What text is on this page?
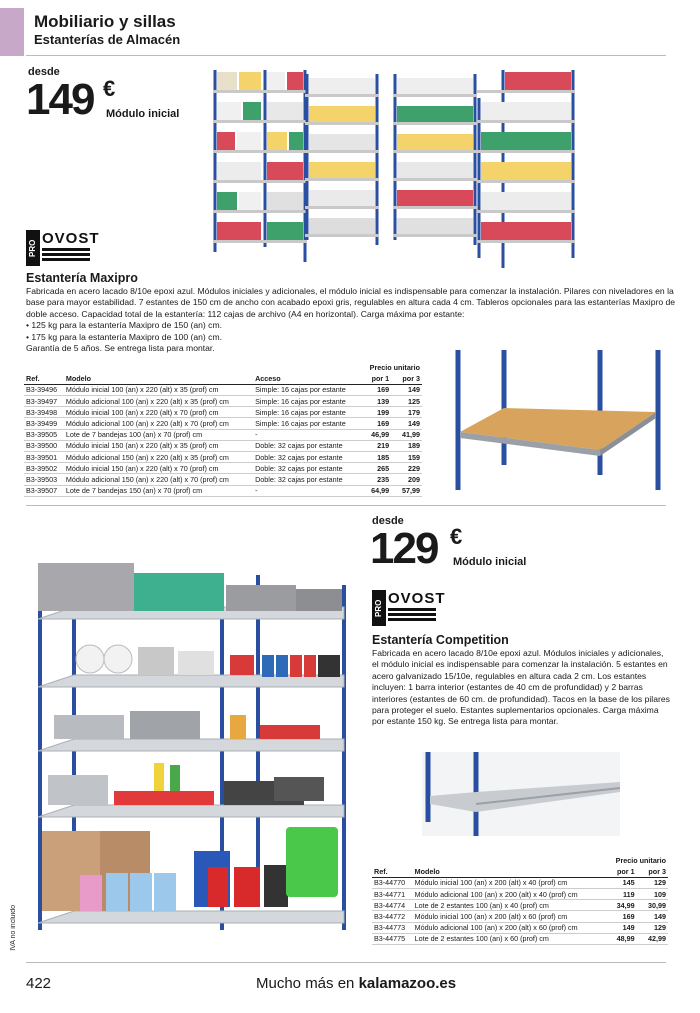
Mobiliario y sillas
Estanterías de Almacén
desde
149 €
Módulo inicial
PRO
OVOST
Estantería Maxipro
Fabricada en acero lacado 8/10e epoxi azul. Módulos iniciales y adicionales, el módulo inicial es indispensable para comenzar la instalación. Pilares con niveladores en la base para mayor estabilidad. 7 estantes de 150 cm de ancho con acabado epoxi gris, regulables en altura cada 4 cm. Tableros opcionales para las estanterías Maxipro de doble acceso. Capacidad total de la estantería: 112 cajas de archivo (A4 en horizontal). Carga máxima por estante:
• 125 kg para la estantería Maxipro de 150 (an) cm.
• 175 kg para la estantería Maxipro de 100 (an) cm.
Garantía de 5 años. Se entrega lista para montar.
			Precio unitario	
Ref.	Modelo	Acceso	por 1	por 3
B3-39496	Módulo inicial 100 (an) x 220 (alt) x 35 (prof) cm	Simple: 16 cajas por estante	169	149
B3-39497	Módulo adicional 100 (an) x 220 (alt) x 35 (prof) cm	Simple: 16 cajas por estante	139	125
B3-39498	Módulo inicial 100 (an) x 220 (alt) x 70 (prof) cm	Simple: 16 cajas por estante	199	179
B3-39499	Módulo adicional 100 (an) x 220 (alt) x 70 (prof) cm	Simple: 16 cajas por estante	169	149
B3-39505	Lote de 7 bandejas 100 (an) x 70 (prof) cm	-	46,99	41,99
B3-39500	Módulo inicial 150 (an) x 220 (alt) x 35 (prof) cm	Doble: 32 cajas por estante	219	189
B3-39501	Módulo adicional 150 (an) x 220 (alt) x 35 (prof) cm	Doble: 32 cajas por estante	185	159
B3-39502	Módulo inicial 150 (an) x 220 (alt) x 70 (prof) cm	Doble: 32 cajas por estante	265	229
B3-39503	Módulo adicional 150 (an) x 220 (alt) x 70 (prof) cm	Doble: 32 cajas por estante	235	209
B3-39507	Lote de 7 bandejas 150 (an) x 70 (prof) cm	-	64,99	57,99
desde
129 €
Módulo inicial
PRO
OVOST
Estantería Competition
Fabricada en acero lacado 8/10e epoxi azul. Módulos iniciales y adicionales, el módulo inicial es indispensable para comenzar la instalación. 5 estantes en acero galvanizado 15/10e, regulables en altura cada 2 cm. Los estantes incluyen: 1 barra interior (estantes de 40 cm de profundidad) y 2 barras interiores (estantes de 60 cm. de profundidad). Tacos en la base de los pilares para proteger el suelo. Estantes suplementarios opcionales. Carga máxima por estante 150 kg. Se entrega lista para montar.
		Precio unitario	
Ref.	Modelo	por 1	por 3
B3-44770	Módulo inicial 100 (an) x 200 (alt) x 40 (prof) cm	145	129
B3-44771	Módulo adicional 100 (an) x 200 (alt) x 40 (prof) cm	119	109
B3-44774	Lote de 2 estantes 100 (an) x 40 (prof) cm	34,99	30,99
B3-44772	Módulo inicial 100 (an) x 200 (alt) x 60 (prof) cm	169	149
B3-44773	Módulo adicional 100 (an) x 200 (alt) x 60 (prof) cm	149	129
B3-44775	Lote de 2 estantes 100 (an) x 60 (prof) cm	48,99	42,99
IVA no incluido
422	Mucho más en kalamazoo.es
